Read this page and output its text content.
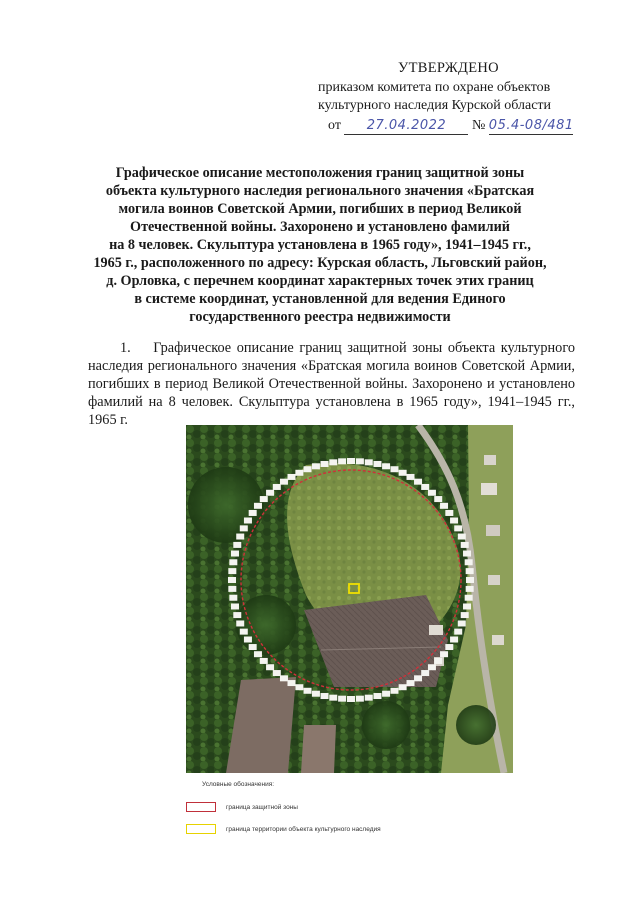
УТВЕРЖДЕНО
приказом комитета по охране объектов
культурного наследия Курской области
от 27.04.2022 № 05.4-08/481
Графическое описание местоположения границ защитной зоны
объекта культурного наследия регионального значения «Братская
могила воинов Советской Армии, погибших в период Великой
Отечественной войны. Захоронено и установлено фамилий
на 8 человек. Скульптура установлена в 1965 году», 1941–1945 гг.,
1965 г., расположенного по адресу: Курская область, Льговский район,
д. Орловка, с перечнем координат характерных точек этих границ
в системе координат, установленной для ведения Единого
государственного реестра недвижимости
1. Графическое описание границ защитной зоны объекта культурного наследия регионального значения «Братская могила воинов Советской Армии, погибших в период Великой Отечественной войны. Захоронено и установлено фамилий на 8 человек. Скульптура установлена в 1965 году», 1941–1945 гг., 1965 г.
Условные обозначения:
граница защитной зоны
граница территории объекта культурного наследия
